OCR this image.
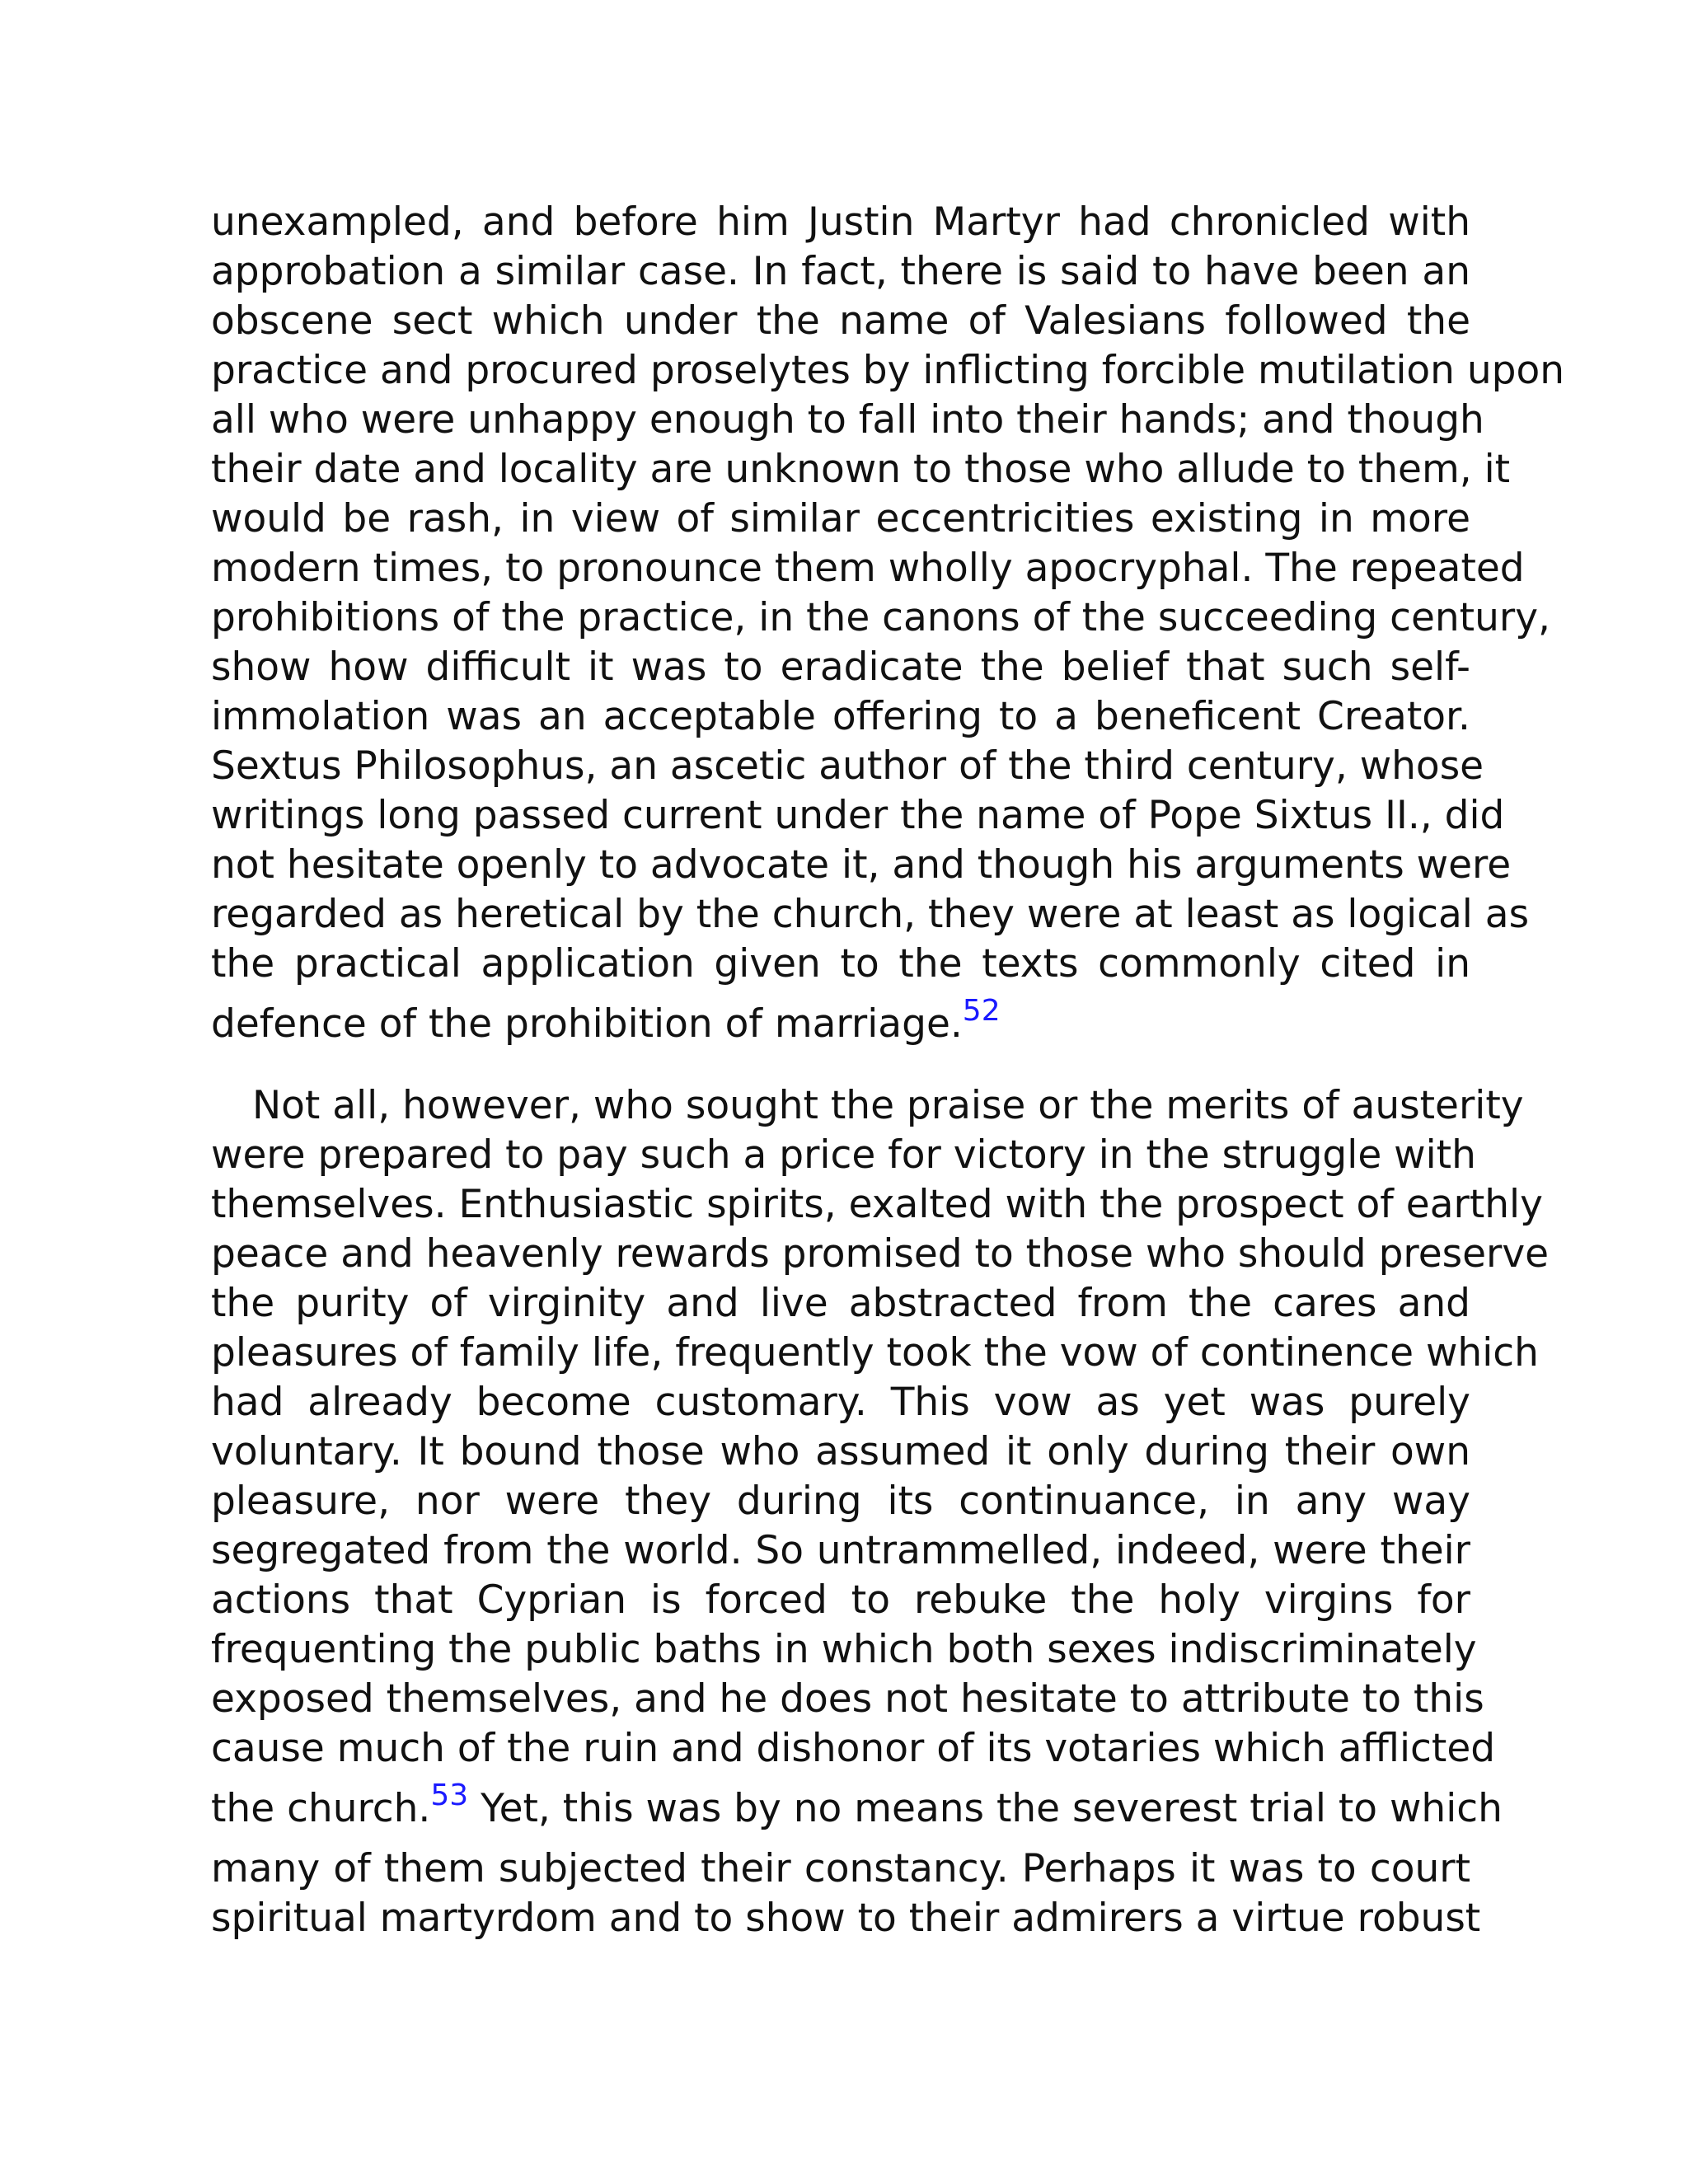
unexampled, and before him Justin Martyr had chronicled with
approbation a similar case. In fact, there is said to have been an
obscene sect which under the name of Valesians followed the
practice and procured proselytes by inflicting forcible mutilation upon
all who were unhappy enough to fall into their hands; and though
their date and locality are unknown to those who allude to them, it
would be rash, in view of similar eccentricities existing in more
modern times, to pronounce them wholly apocryphal. The repeated
prohibitions of the practice, in the canons of the succeeding century,
show how difficult it was to eradicate the belief that such self-
immolation was an acceptable offering to a beneficent Creator.
Sextus Philosophus, an ascetic author of the third century, whose
writings long passed current under the name of Pope Sixtus II., did
not hesitate openly to advocate it, and though his arguments were
regarded as heretical by the church, they were at least as logical as
the practical application given to the texts commonly cited in
defence of the prohibition of marriage.$^{52}$
Not all, however, who sought the praise or the merits of austerity
were prepared to pay such a price for victory in the struggle with
themselves. Enthusiastic spirits, exalted with the prospect of earthly
peace and heavenly rewards promised to those who should preserve
the purity of virginity and live abstracted from the cares and
pleasures of family life, frequently took the vow of continence which
had already become customary. This vow as yet was purely
voluntary. It bound those who assumed it only during their own
pleasure, nor were they during its continuance, in any way
segregated from the world. So untrammelled, indeed, were their
actions that Cyprian is forced to rebuke the holy virgins for
frequenting the public baths in which both sexes indiscriminately
exposed themselves, and he does not hesitate to attribute to this
cause much of the ruin and dishonor of its votaries which afflicted
the church.$^{53}$ Yet, this was by no means the severest trial to which
many of them subjected their constancy. Perhaps it was to court
spiritual martyrdom and to show to their admirers a virtue robust
